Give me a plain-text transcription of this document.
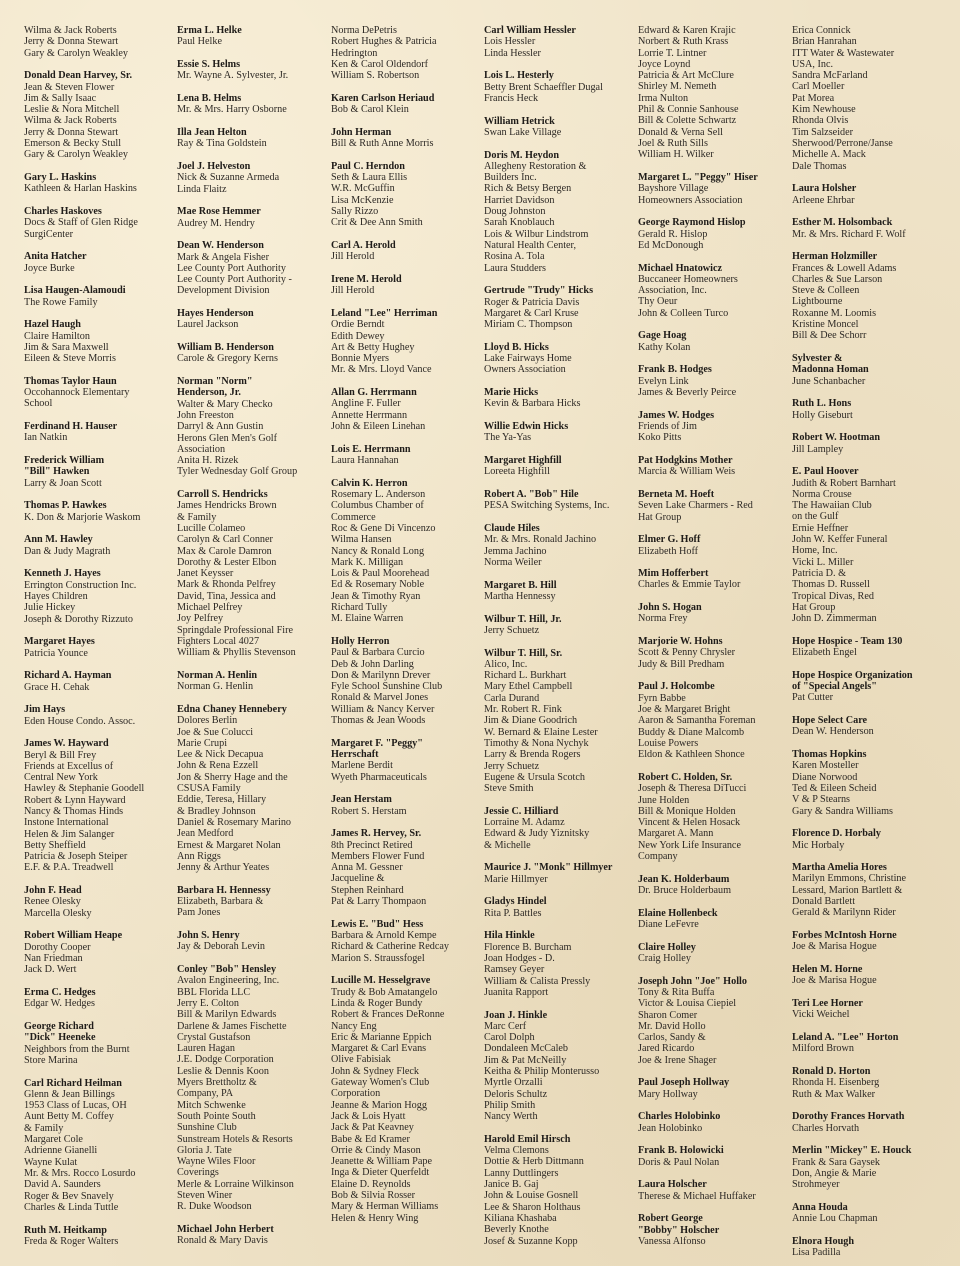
Wilma & Jack Roberts
Jerry & Donna Stewart
Gary & Carolyn Weakley
Donald Dean Harvey, Sr.
Jean & Steven Flower
Jim & Sally Isaac
Leslie & Nora Mitchell
Wilma & Jack Roberts
Jerry & Donna Stewart
Emerson & Becky Stull
Gary & Carolyn Weakley
Gary L. Haskins
Kathleen & Harlan Haskins
Charles Haskoves
Docs & Staff of Glen Ridge
SurgiCenter
Anita Hatcher
Joyce Burke
Lisa Haugen-Alamoudi
The Rowe Family
Hazel Haugh
Claire Hamilton
Jim & Sara Maxwell
Eileen & Steve Morris
Thomas Taylor Haun
Occohannock Elementary
School
Ferdinand H. Hauser
Ian Natkin
Frederick William
"Bill" Hawken
Larry & Joan Scott
Thomas P. Hawkes
K. Don & Marjorie Waskom
Ann M. Hawley
Dan & Judy Magrath
Kenneth J. Hayes
Errington Construction Inc.
Hayes Children
Julie Hickey
Joseph & Dorothy Rizzuto
Margaret Hayes
Patricia Younce
Richard A. Hayman
Grace H. Cehak
Jim Hays
Eden House Condo. Assoc.
James W. Hayward
Beryl & Bill Frey
Friends at Excellus of
Central New York
Hawley & Stephanie Goodell
Robert & Lynn Hayward
Nancy & Thomas Hinds
Instone International
Helen & Jim Salanger
Betty Sheffield
Patricia & Joseph Steiper
E.F. & P.A. Treadwell
John F. Head
Renee Olesky
Marcella Olesky
Robert William Heape
Dorothy Cooper
Nan Friedman
Jack D. Wert
Erma C. Hedges
Edgar W. Hedges
George Richard
"Dick" Heeneke
Neighbors from the Burnt
Store Marina
Carl Richard Heilman
Glenn & Jean Billings
1953 Class of Lucas, OH
Aunt Betty M. Coffey
& Family
Margaret Cole
Adrienne Gianelli
Wayne Kulat
Mr. & Mrs. Rocco Losurdo
David A. Saunders
Roger & Bev Snavely
Charles & Linda Tuttle
Ruth M. Heitkamp
Freda & Roger Walters
Erma L. Helke
Paul Helke
Essie S. Helms
Mr. Wayne A. Sylvester, Jr.
Lena B. Helms
Mr. & Mrs. Harry Osborne
Illa Jean Helton
Ray & Tina Goldstein
Joel J. Helveston
Nick & Suzanne Armeda
Linda Flaitz
Mae Rose Hemmer
Audrey M. Hendry
Dean W. Henderson
Mark & Angela Fisher
Lee County Port Authority
Lee County Port Authority -
Development Division
Hayes Henderson
Laurel Jackson
William B. Henderson
Carole & Gregory Kerns
Norman "Norm"
Henderson, Jr.
Walter & Mary Checko
John Freeston
Darryl & Ann Gustin
Herons Glen Men's Golf
Association
Anita H. Rizek
Tyler Wednesday Golf Group
Carroll S. Hendricks
James Hendricks Brown
& Family
Lucille Colameo
Carolyn & Carl Conner
Max & Carole Damron
Dorothy & Lester Elbon
Janet Keysser
Mark & Rhonda Pelfrey
David, Tina, Jessica and
Michael Pelfrey
Joy Pelfrey
Springdale Professional Fire
Fighters Local 4027
William & Phyllis Stevenson
Norman A. Henlin
Norman G. Henlin
Edna Chaney Hennebery
Dolores Berlin
Joe & Sue Colucci
Marie Crupi
Lee & Nick Decapua
John & Rena Ezzell
Jon & Sherry Hage and the
CSUSA Family
Eddie, Teresa, Hillary
& Bradley Johnson
Daniel & Rosemary Marino
Jean Medford
Ernest & Margaret Nolan
Ann Riggs
Jenny & Arthur Yeates
Barbara H. Hennessy
Elizabeth, Barbara &
Pam Jones
John S. Henry
Jay & Deborah Levin
Conley "Bob" Hensley
Avalon Engineering, Inc.
BBL Florida LLC
Jerry E. Colton
Bill & Marilyn Edwards
Darlene & James Fischette
Crystal Gustafson
Lauren Hagan
J.E. Dodge Corporation
Leslie & Dennis Koon
Myers Brettholtz &
Company, PA
Mitch Schwenke
South Pointe South
Sunshine Club
Sunstream Hotels & Resorts
Gloria J. Tate
Wayne Wiles Floor
Coverings
Merle & Lorraine Wilkinson
Steven Winer
R. Duke Woodson
Michael John Herbert
Ronald & Mary Davis
Norma DePetris
Robert Hughes & Patricia
Hedrington
Ken & Carol Oldendorf
William S. Robertson
Karen Carlson Heriaud
Bob & Carol Klein
John Herman
Bill & Ruth Anne Morris
Paul C. Herndon
Seth & Laura Ellis
W.R. McGuffin
Lisa McKenzie
Sally Rizzo
Crit & Dee Ann Smith
Carl A. Herold
Jill Herold
Irene M. Herold
Jill Herold
Leland "Lee" Herriman
Ordie Berndt
Edith Dewey
Art & Betty Hughey
Bonnie Myers
Mr. & Mrs. Lloyd Vance
Allan G. Herrmann
Angline F. Fuller
Annette Herrmann
John & Eileen Linehan
Lois E. Herrmann
Laura Hannahan
Calvin K. Herron
Rosemary L. Anderson
Columbus Chamber of
Commerce
Roc & Gene Di Vincenzo
Wilma Hansen
Nancy & Ronald Long
Mark K. Milligan
Lois & Paul Moorehead
Ed & Rosemary Noble
Jean & Timothy Ryan
Richard Tully
M. Elaine Warren
Holly Herron
Paul & Barbara Curcio
Deb & John Darling
Don & Marilynn Drever
Fyle School Sunshine Club
Ronald & Marvel Jones
William & Nancy Kerver
Thomas & Jean Woods
Margaret F. "Peggy"
Herrschaft
Marlene Berdit
Wyeth Pharmaceuticals
Jean Herstam
Robert S. Herstam
James R. Hervey, Sr.
8th Precinct Retired
Members Flower Fund
Anna M. Gessner
Jacqueline &
Stephen Reinhard
Pat & Larry Thompaon
Lewis E. "Bud" Hess
Barbara & Arnold Kempe
Richard & Catherine Redcay
Marion S. Straussfogel
Lucille M. Hesselgrave
Trudy & Bob Amatangelo
Linda & Roger Bundy
Robert & Frances DeRonne
Nancy Eng
Eric & Marianne Eppich
Margaret & Carl Evans
Olive Fabisiak
John & Sydney Fleck
Gateway Women's Club
Corporation
Jeanne & Marion Hogg
Jack & Lois Hyatt
Jack & Pat Keavney
Babe & Ed Kramer
Orrie & Cindy Mason
Jeanette & William Pape
Inga & Dieter Querfeldt
Elaine D. Reynolds
Bob & Silvia Rosser
Mary & Herman Williams
Helen & Henry Wing
Carl William Hessler
Lois Hessler
Linda Hessler
Lois L. Hesterly
Betty Brent Schaeffler Dugal
Francis Heck
William Hetrick
Swan Lake Village
Doris M. Heydon
Allegheny Restoration &
Builders Inc.
Rich & Betsy Bergen
Harriet Davidson
Doug Johnston
Sarah Knoblauch
Lois & Wilbur Lindstrom
Natural Health Center,
Rosina A. Tola
Laura Studders
Gertrude "Trudy" Hicks
Roger & Patricia Davis
Margaret & Carl Kruse
Miriam C. Thompson
Lloyd B. Hicks
Lake Fairways Home
Owners Association
Marie Hicks
Kevin & Barbara Hicks
Willie Edwin Hicks
The Ya-Yas
Margaret Highfill
Loreeta Highfill
Robert A. "Bob" Hile
PESA Switching Systems, Inc.
Claude Hiles
Mr. & Mrs. Ronald Jachino
Jemma Jachino
Norma Weiler
Margaret B. Hill
Martha Hennessy
Wilbur T. Hill, Jr.
Jerry Schuetz
Wilbur T. Hill, Sr.
Alico, Inc.
Richard L. Burkhart
Mary Ethel Campbell
Carla Durand
Mr. Robert R. Fink
Jim & Diane Goodrich
W. Bernard & Elaine Lester
Timothy & Nona Nychyk
Larry & Brenda Rogers
Jerry Schuetz
Eugene & Ursula Scotch
Steve Smith
Jessie C. Hilliard
Lorraine M. Adamz
Edward & Judy Yiznitsky
& Michelle
Maurice J. "Monk" Hillmyer
Marie Hillmyer
Gladys Hindel
Rita P. Battles
Hila Hinkle
Florence B. Burcham
Joan Hodges - D.
Ramsey Geyer
William & Calista Pressly
Juanita Rapport
Joan J. Hinkle
Marc Cerf
Carol Dolph
Dondaleen McCaleb
Jim & Pat McNeilly
Keitha & Philip Monterusso
Myrtle Orzalli
Deloris Schultz
Philip Smith
Nancy Werth
Harold Emil Hirsch
Velma Clemons
Dottie & Herb Dittmann
Lanny Duttlingers
Janice B. Gaj
John & Louise Gosnell
Lee & Sharon Holthaus
Kiliana Khashaba
Beverly Knothe
Josef & Suzanne Kopp
Edward & Karen Krajic
Norbert & Ruth Krass
Lorrie T. Lintner
Joyce Loynd
Patricia & Art McClure
Shirley M. Nemeth
Irma Nulton
Phil & Connie Sanhouse
Bill & Colette Schwartz
Donald & Verna Sell
Joel & Ruth Sills
William H. Wilker
Margaret L. "Peggy" Hiser
Bayshore Village
Homeowners Association
George Raymond Hislop
Gerald R. Hislop
Ed McDonough
Michael Hnatowicz
Buccaneer Homeowners
Association, Inc.
Thy Oeur
John & Colleen Turco
Gage Hoag
Kathy Kolan
Frank B. Hodges
Evelyn Link
James & Beverly Peirce
James W. Hodges
Friends of Jim
Koko Pitts
Pat Hodgkins Mother
Marcia & William Weis
Berneta M. Hoeft
Seven Lake Charmers - Red
Hat Group
Elmer G. Hoff
Elizabeth Hoff
Mim Hofferbert
Charles & Emmie Taylor
John S. Hogan
Norma Frey
Marjorie W. Hohns
Scott & Penny Chrysler
Judy & Bill Predham
Paul J. Holcombe
Fyrn Babbe
Joe & Margaret Bright
Aaron & Samantha Foreman
Buddy & Diane Malcomb
Louise Powers
Eldon & Kathleen Shonce
Robert C. Holden, Sr.
Joseph & Theresa DiTucci
June Holden
Bill & Monique Holden
Vincent & Helen Hosack
Margaret A. Mann
New York Life Insurance
Company
Jean K. Holderbaum
Dr. Bruce Holderbaum
Elaine Hollenbeck
Diane LeFevre
Claire Holley
Craig Holley
Joseph John "Joe" Hollo
Tony & Rita Buffa
Victor & Louisa Ciepiel
Sharon Comer
Mr. David Hollo
Carlos, Sandy &
Jared Ricardo
Joe & Irene Shager
Paul Joseph Hollway
Mary Hollway
Charles Holobinko
Jean Holobinko
Frank B. Holowicki
Doris & Paul Nolan
Laura Holscher
Therese & Michael Huffaker
Robert George
"Bobby" Holscher
Vanessa Alfonso
Erica Connick
Brian Hanrahan
ITT Water & Wastewater
USA, Inc.
Sandra McFarland
Carl Moeller
Pat Morea
Kim Newhouse
Rhonda Olvis
Tim Salzseider
Sherwood/Perrone/Janse
Michelle A. Mack
Dale Thomas
Laura Holsher
Arleene Ehrbar
Esther M. Holsomback
Mr. & Mrs. Richard F. Wolf
Herman Holzmiller
Frances & Lowell Adams
Charles & Sue Larson
Steve & Colleen
Lightbourne
Roxanne M. Loomis
Kristine Moncel
Bill & Dee Schorr
Sylvester &
Madonna Homan
June Schanbacher
Ruth L. Hons
Holly Giseburt
Robert W. Hootman
Jill Lampley
E. Paul Hoover
Judith & Robert Barnhart
Norma Crouse
The Hawaiian Club
on the Gulf
Ernie Heffner
John W. Keffer Funeral
Home, Inc.
Vicki L. Miller
Patricia D. &
Thomas D. Russell
Tropical Divas, Red
Hat Group
John D. Zimmerman
Hope Hospice - Team 130
Elizabeth Engel
Hope Hospice Organization
of "Special Angels"
Pat Cutter
Hope Select Care
Dean W. Henderson
Thomas Hopkins
Karen Mosteller
Diane Norwood
Ted & Eileen Scheid
V & P Stearns
Gary & Sandra Williams
Florence D. Horbaly
Mic Horbaly
Martha Amelia Hores
Marilyn Emmons, Christine
Lessard, Marion Bartlett &
Donald Bartlett
Gerald & Marilynn Rider
Forbes McIntosh Horne
Joe & Marisa Hogue
Helen M. Horne
Joe & Marisa Hogue
Teri Lee Horner
Vicki Weichel
Leland A. "Lee" Horton
Milford Brown
Ronald D. Horton
Rhonda H. Eisenberg
Ruth & Max Walker
Dorothy Frances Horvath
Charles Horvath
Merlin "Mickey" E. Houck
Frank & Sara Gaysek
Don, Angie & Marie
Strohmeyer
Anna Houda
Annie Lou Chapman
Elnora Hough
Lisa Padilla
